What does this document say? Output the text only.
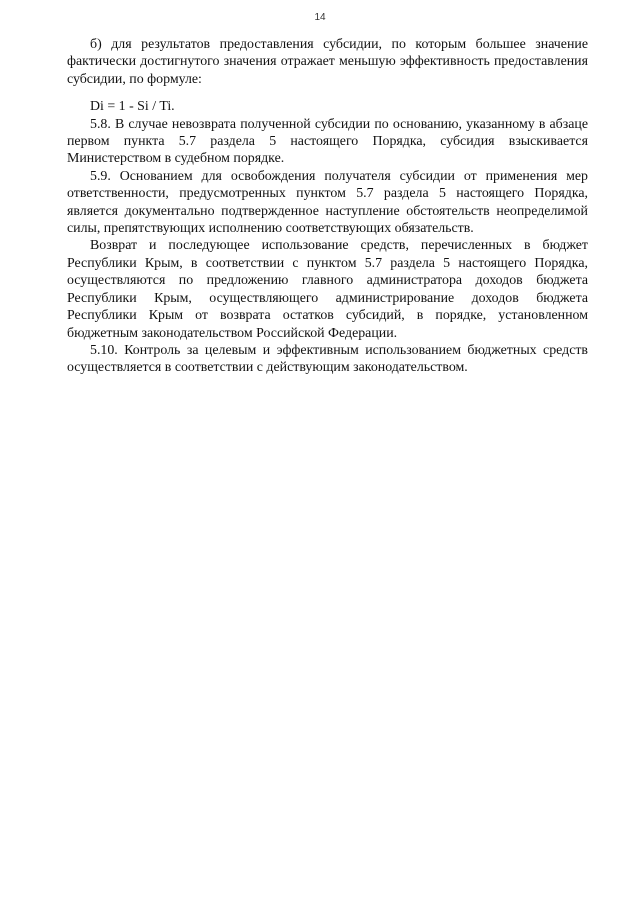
14

б) для результатов предоставления субсидии, по которым большее значение фактически достигнутого значения отражает меньшую эффективность предоставления субсидии, по формуле:

Di = 1 - Si / Ti.

5.8. В случае невозврата полученной субсидии по основанию, указанному в абзаце первом пункта 5.7 раздела 5 настоящего Порядка, субсидия взыскивается Министерством в судебном порядке.

5.9. Основанием для освобождения получателя субсидии от применения мер ответственности, предусмотренных пунктом 5.7 раздела 5 настоящего Порядка, является документально подтвержденное наступление обстоятельств неопределимой силы, препятствующих исполнению соответствующих обязательств.

Возврат и последующее использование средств, перечисленных в бюджет Республики Крым, в соответствии с пунктом 5.7 раздела 5 настоящего Порядка, осуществляются по предложению главного администратора доходов бюджета Республики Крым, осуществляющего администрирование доходов бюджета Республики Крым от возврата остатков субсидий, в порядке, установленном бюджетным законодательством Российской Федерации.

5.10. Контроль за целевым и эффективным использованием бюджетных средств осуществляется в соответствии с действующим законодательством.
